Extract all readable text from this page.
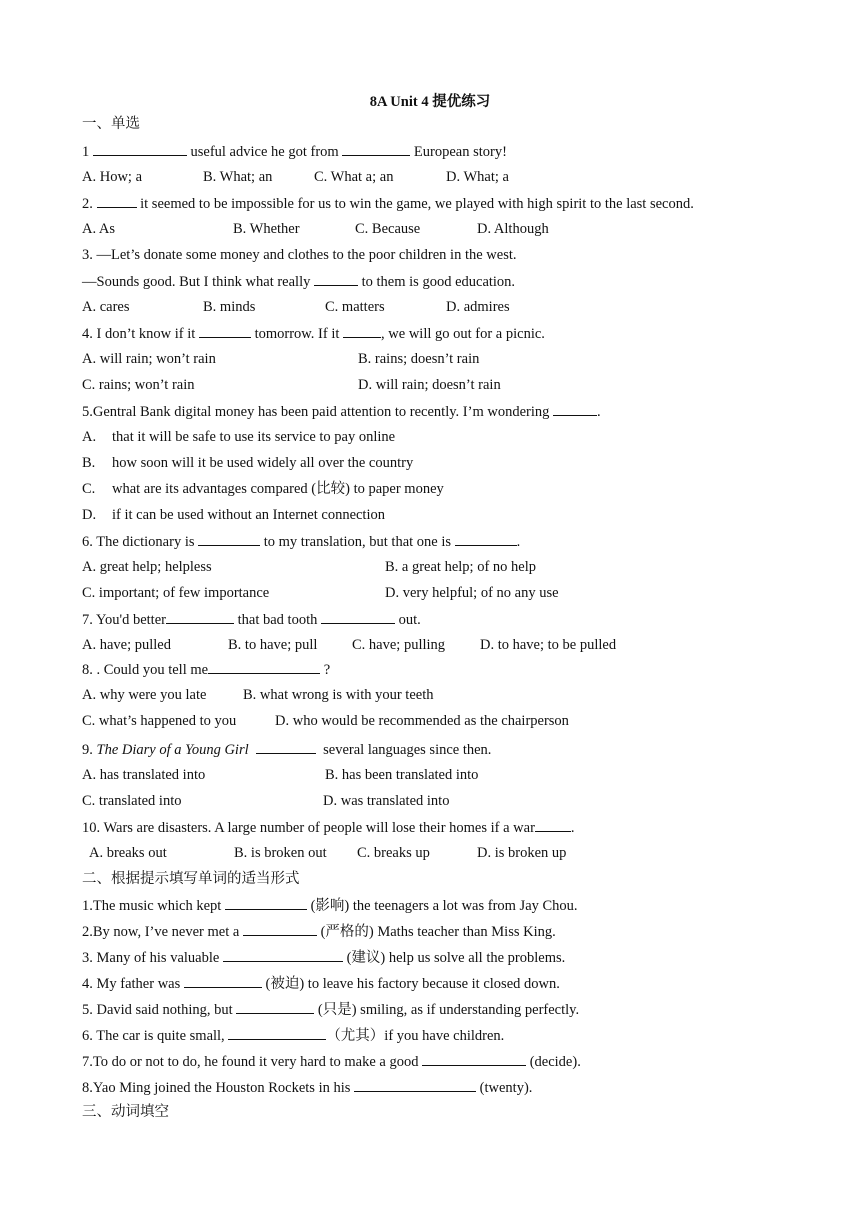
8A Unit 4 提优练习
一、单选
1	useful advice he got from	European story!
A. How; a	B. What; an	C. What a; an	D. What; a
2.	it seemed to be impossible for us to win the game, we played with high spirit to the last second.
A. As	B. Whether	C. Because	D. Although
3. —Let’s donate some money and clothes to the poor children in the west.
—Sounds good. But I think what really	to them is good education.
A. cares	B. minds	C. matters	D. admires
4. I don’t know if it	tomorrow. If it	, we will go out for a picnic.
A. will rain; won’t rain	B. rains; doesn’t rain
C. rains; won’t rain	D. will rain; doesn’t rain
5.Gentral Bank digital money has been paid attention to recently. I’m wondering	.
A. that it will be safe to use its service to pay online
B. how soon will it be used widely all over the country
C. what are its advantages compared (比较) to paper money
D. if it can be used without an Internet connection
6. The dictionary is	to my translation, but that one is	.
A. great help; helpless	B. a great help; of no help
C. important; of few importance	D. very helpful; of no any use
7. You'd better	that bad tooth	out.
A. have; pulled	B. to have; pull C. have; pulling D. to have; to be pulled
8. . Could you tell me	?
A. why were you late	B. what wrong is with your teeth
C. what’s happened to you	D. who would be recommended as the chairperson
9. The Diary of a Young Girl	several languages since then.
A. has translated into	B. has been translated into
C. translated into	D. was translated into
10. Wars are disasters. A large number of people will lose their homes if a war .
A. breaks out	B. is broken out C. breaks up	D. is broken up
二、根据提示填写单词的适当形式
1.The music which kept	(影响) the teenagers a lot was from Jay Chou.
2.By now, I’ve never met a	(严格的) Maths teacher than Miss King.
3. Many of his valuable	(建议) help us solve all the problems.
4. My father was	(被迫) to leave his factory because it closed down.
5. David said nothing, but	(只是) smiling, as if understanding perfectly.
6. The car is quite small,	（尤其）if you have children.
7.To do or not to do, he found it very hard to make a good	(decide).
8.Yao Ming joined the Houston Rockets in his	(twenty).
三、动词填空
